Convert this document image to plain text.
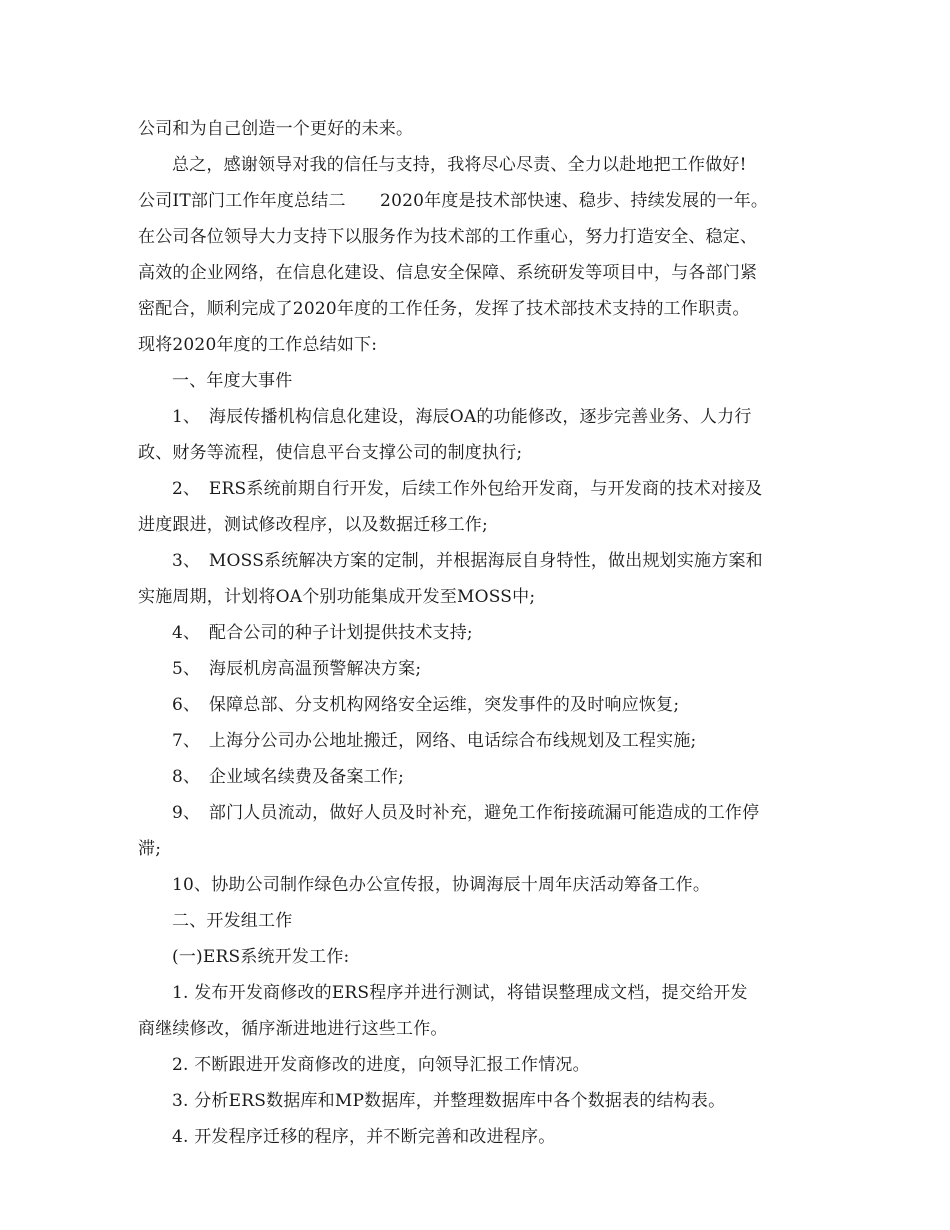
公司和为自己创造一个更好的未来。
总之，感谢领导对我的信任与支持，我将尽心尽责、全力以赴地把工作做好!
公司IT部门工作年度总结二　　2020年度是技术部快速、稳步、持续发展的一年。
在公司各位领导大力支持下以服务作为技术部的工作重心，努力打造安全、稳定、
高效的企业网络，在信息化建设、信息安全保障、系统研发等项目中，与各部门紧
密配合，顺利完成了2020年度的工作任务，发挥了技术部技术支持的工作职责。
现将2020年度的工作总结如下:
一、年度大事件
1、　海辰传播机构信息化建设，海辰OA的功能修改，逐步完善业务、人力行
政、财务等流程，使信息平台支撑公司的制度执行;
2、　ERS系统前期自行开发，后续工作外包给开发商，与开发商的技术对接及
进度跟进，测试修改程序，以及数据迁移工作;
3、　MOSS系统解决方案的定制，并根据海辰自身特性，做出规划实施方案和
实施周期，计划将OA个别功能集成开发至MOSS中;
4、　配合公司的种子计划提供技术支持;
5、　海辰机房高温预警解决方案;
6、　保障总部、分支机构网络安全运维，突发事件的及时响应恢复;
7、　上海分公司办公地址搬迁，网络、电话综合布线规划及工程实施;
8、　企业域名续费及备案工作;
9、　部门人员流动，做好人员及时补充，避免工作衔接疏漏可能造成的工作停
滞;
10、协助公司制作绿色办公宣传报，协调海辰十周年庆活动筹备工作。
二、开发组工作
(一)ERS系统开发工作:
1. 发布开发商修改的ERS程序并进行测试，将错误整理成文档，提交给开发
商继续修改，循序渐进地进行这些工作。
2. 不断跟进开发商修改的进度，向领导汇报工作情况。
3. 分析ERS数据库和MP数据库，并整理数据库中各个数据表的结构表。
4. 开发程序迁移的程序，并不断完善和改进程序。
